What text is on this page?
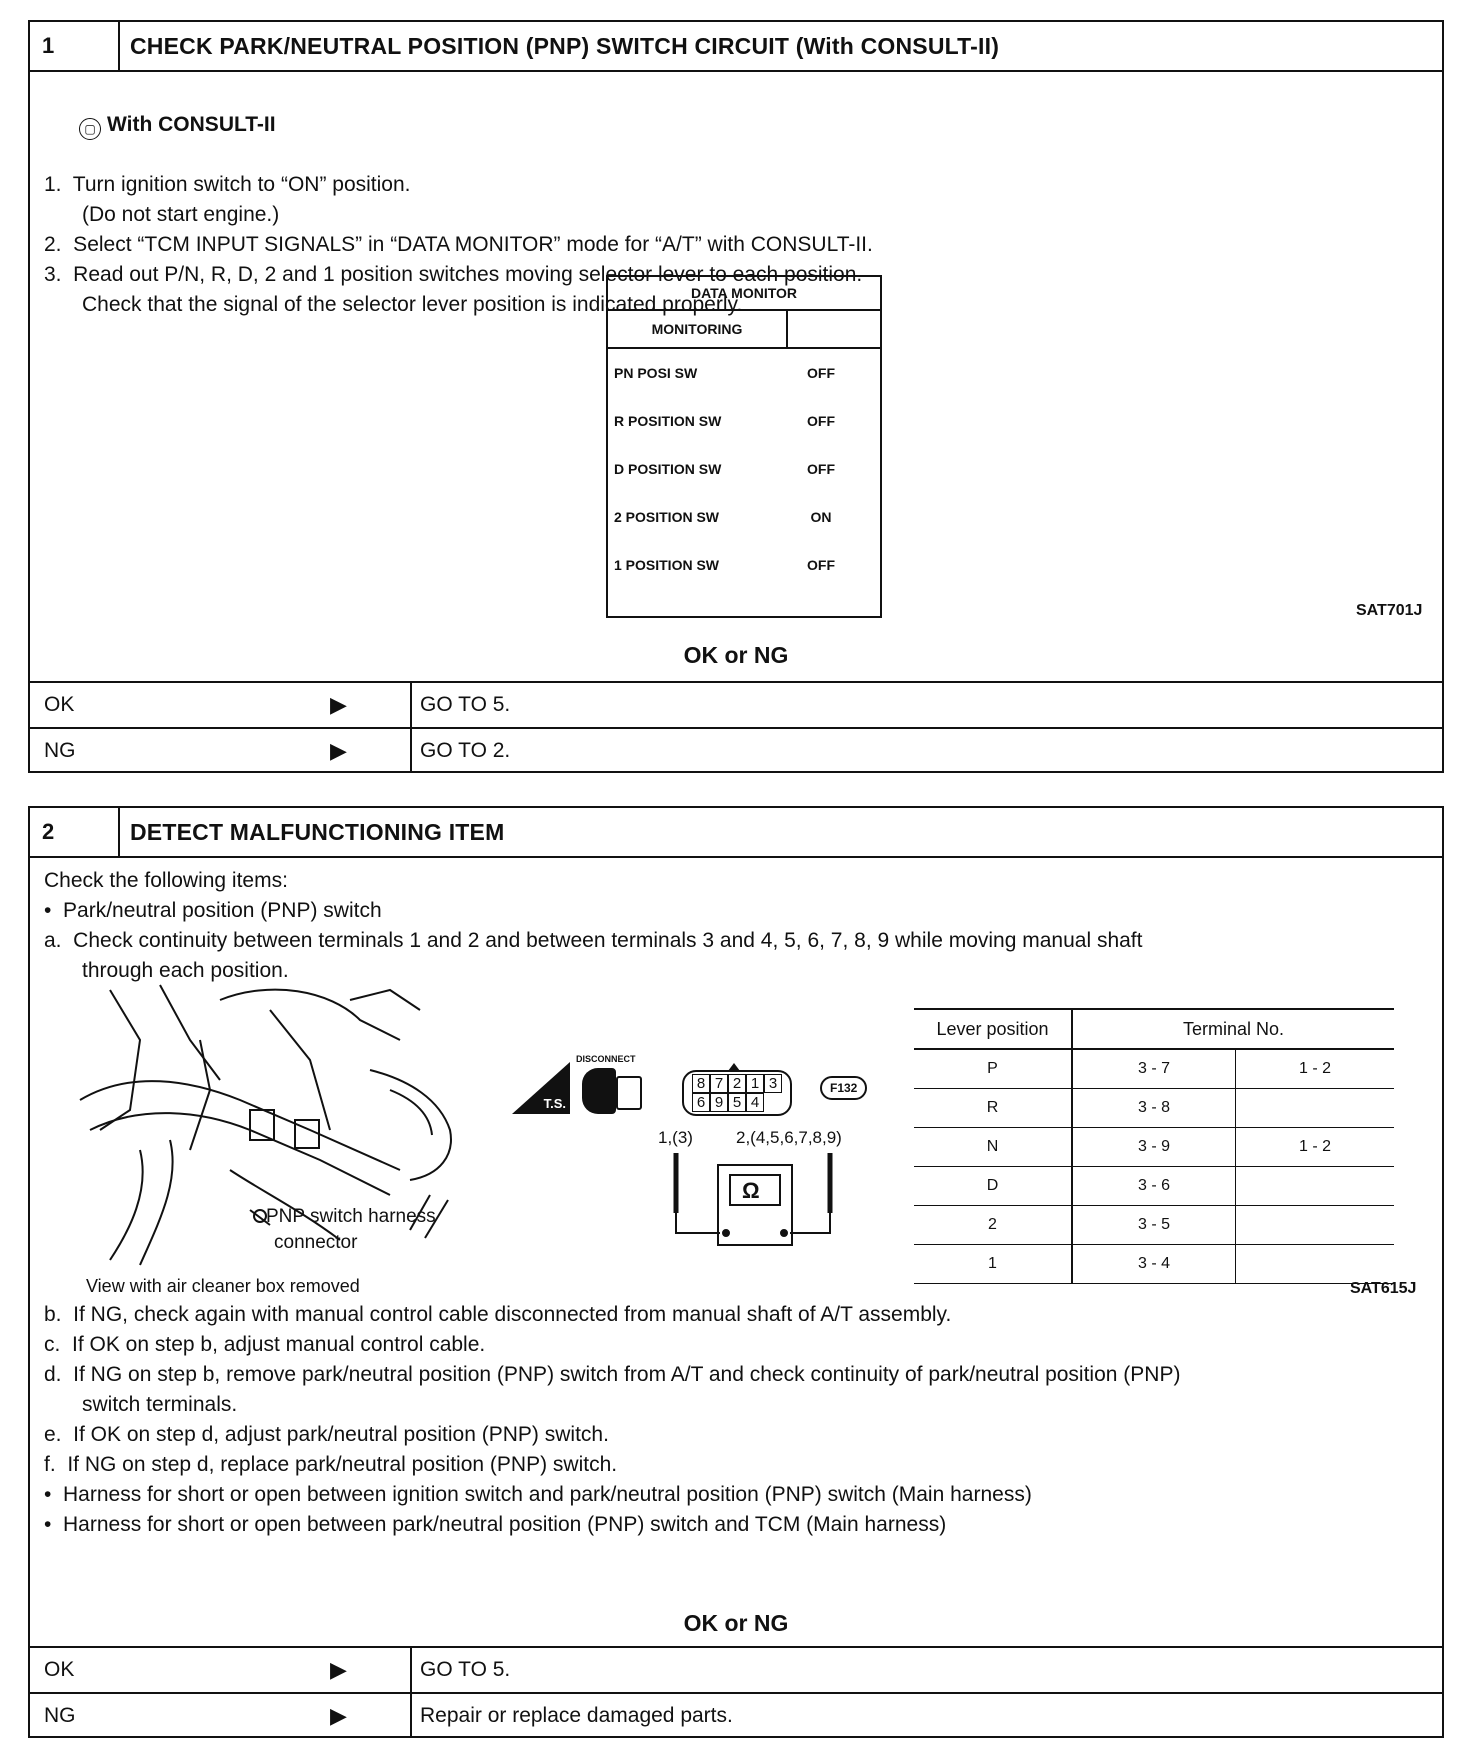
1	CHECK PARK/NEUTRAL POSITION (PNP) SWITCH CIRCUIT (With CONSULT-II)

▢ With CONSULT-II

1.  Turn ignition switch to “ON” position.
(Do not start engine.)
2.  Select “TCM INPUT SIGNALS” in “DATA MONITOR” mode for “A/T” with CONSULT-II.
3.  Read out P/N, R, D, 2 and 1 position switches moving selector lever to each position.
Check that the signal of the selector lever position is indicated properly.
DATA MONITOR
MONITORING
PN POSI SW	OFF
R POSITION SW	OFF
D POSITION SW	OFF
2 POSITION SW	ON
1 POSITION SW	OFF
SAT701J
OK or NG
OK	▶	GO TO 5.
NG	▶	GO TO 2.
2	DETECT MALFUNCTIONING ITEM
Check the following items:
•  Park/neutral position (PNP) switch
a.  Check continuity between terminals 1 and 2 and between terminals 3 and 4, 5, 6, 7, 8, 9 while moving manual shaft
through each position.
PNP switch harness
connector
View with air cleaner box removed
T.S.
DISCONNECT
8 7 2 1 3
6 9 5 4
F132
1,(3)	2,(4,5,6,7,8,9)
Ω
Lever position	Terminal No.	
P	3 - 7	1 - 2
R	3 - 8	
N	3 - 9	1 - 2
D	3 - 6	
2	3 - 5	
1	3 - 4	
SAT615J
b.  If NG, check again with manual control cable disconnected from manual shaft of A/T assembly.
c.  If OK on step b, adjust manual control cable.
d.  If NG on step b, remove park/neutral position (PNP) switch from A/T and check continuity of park/neutral position (PNP)
switch terminals.
e.  If OK on step d, adjust park/neutral position (PNP) switch.
f.  If NG on step d, replace park/neutral position (PNP) switch.
•  Harness for short or open between ignition switch and park/neutral position (PNP) switch (Main harness)
•  Harness for short or open between park/neutral position (PNP) switch and TCM (Main harness)
OK or NG
OK	▶	GO TO 5.
NG	▶	Repair or replace damaged parts.
